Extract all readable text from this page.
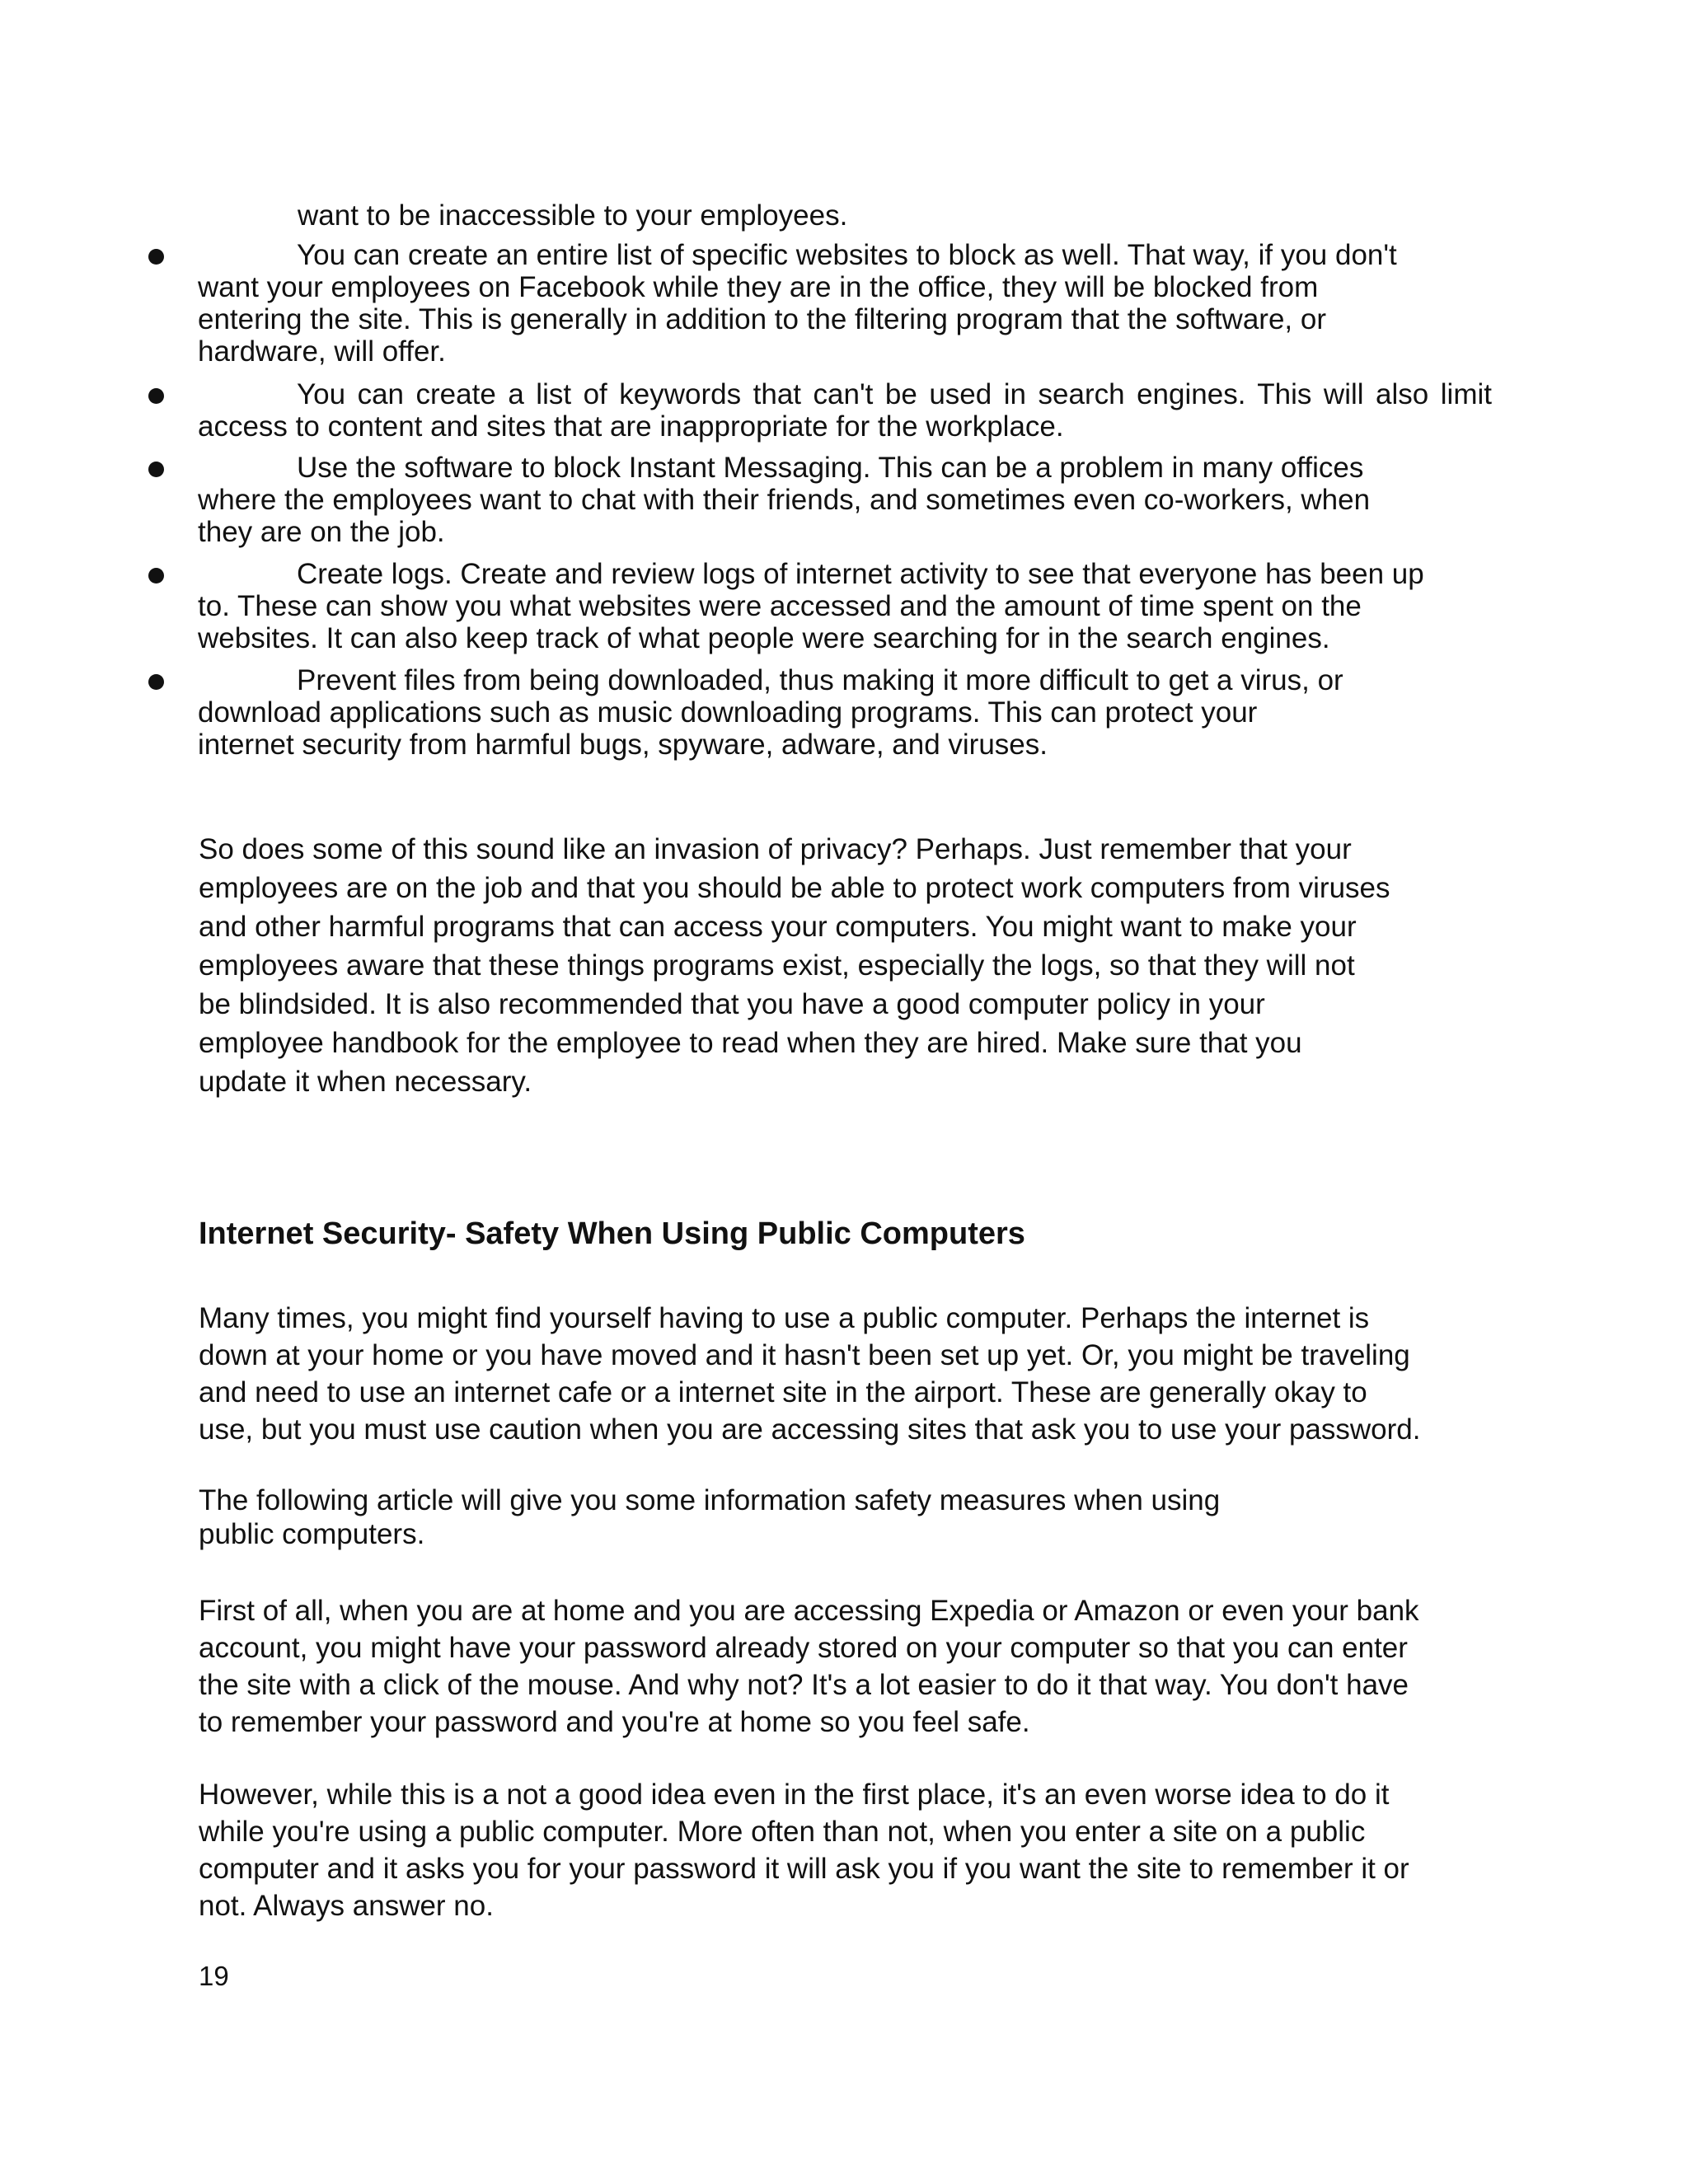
want to be inaccessible to your employees.
You can create an entire list of specific websites to block as well. That way, if you don't
want your employees on Facebook while they are in the office, they will be blocked from
entering the site. This is generally in addition to the filtering program that the software, or
hardware, will offer.
You can create a list of keywords that can't be used in search engines. This will also limit access to content and sites that are inappropriate for the workplace.
Use the software to block Instant Messaging. This can be a problem in many offices
where the employees want to chat with their friends, and sometimes even co-workers, when
they are on the job.
Create logs. Create and review logs of internet activity to see that everyone has been up
to. These can show you what websites were accessed and the amount of time spent on the
websites. It can also keep track of what people were searching for in the search engines.
Prevent files from being downloaded, thus making it more difficult to get a virus, or
download applications such as music downloading programs. This can protect your
internet security from harmful bugs, spyware, adware, and viruses.
So does some of this sound like an invasion of privacy? Perhaps. Just remember that your
employees are on the job and that you should be able to protect work computers from viruses
and other harmful programs that can access your computers. You might want to make your
employees aware that these things programs exist, especially the logs, so that they will not
be blindsided. It is also recommended that you have a good computer policy in your
employee handbook for the employee to read when they are hired. Make sure that you
update it when necessary.
Internet Security- Safety When Using Public Computers
Many times, you might find yourself having to use a public computer. Perhaps the internet is
down at your home or you have moved and it hasn't been set up yet. Or, you might be traveling
and need to use an internet cafe or a internet site in the airport. These are generally okay to
use, but you must use caution when you are accessing sites that ask you to use your password.
The following article will give you some information safety measures when using
public computers.
First of all, when you are at home and you are accessing Expedia or Amazon or even your bank
account, you might have your password already stored on your computer so that you can enter
the site with a click of the mouse. And why not? It's a lot easier to do it that way. You don't have
to remember your password and you're at home so you feel safe.
However, while this is a not a good idea even in the first place, it's an even worse idea to do it
while you're using a public computer. More often than not, when you enter a site on a public
computer and it asks you for your password it will ask you if you want the site to remember it or
not. Always answer no.
19
